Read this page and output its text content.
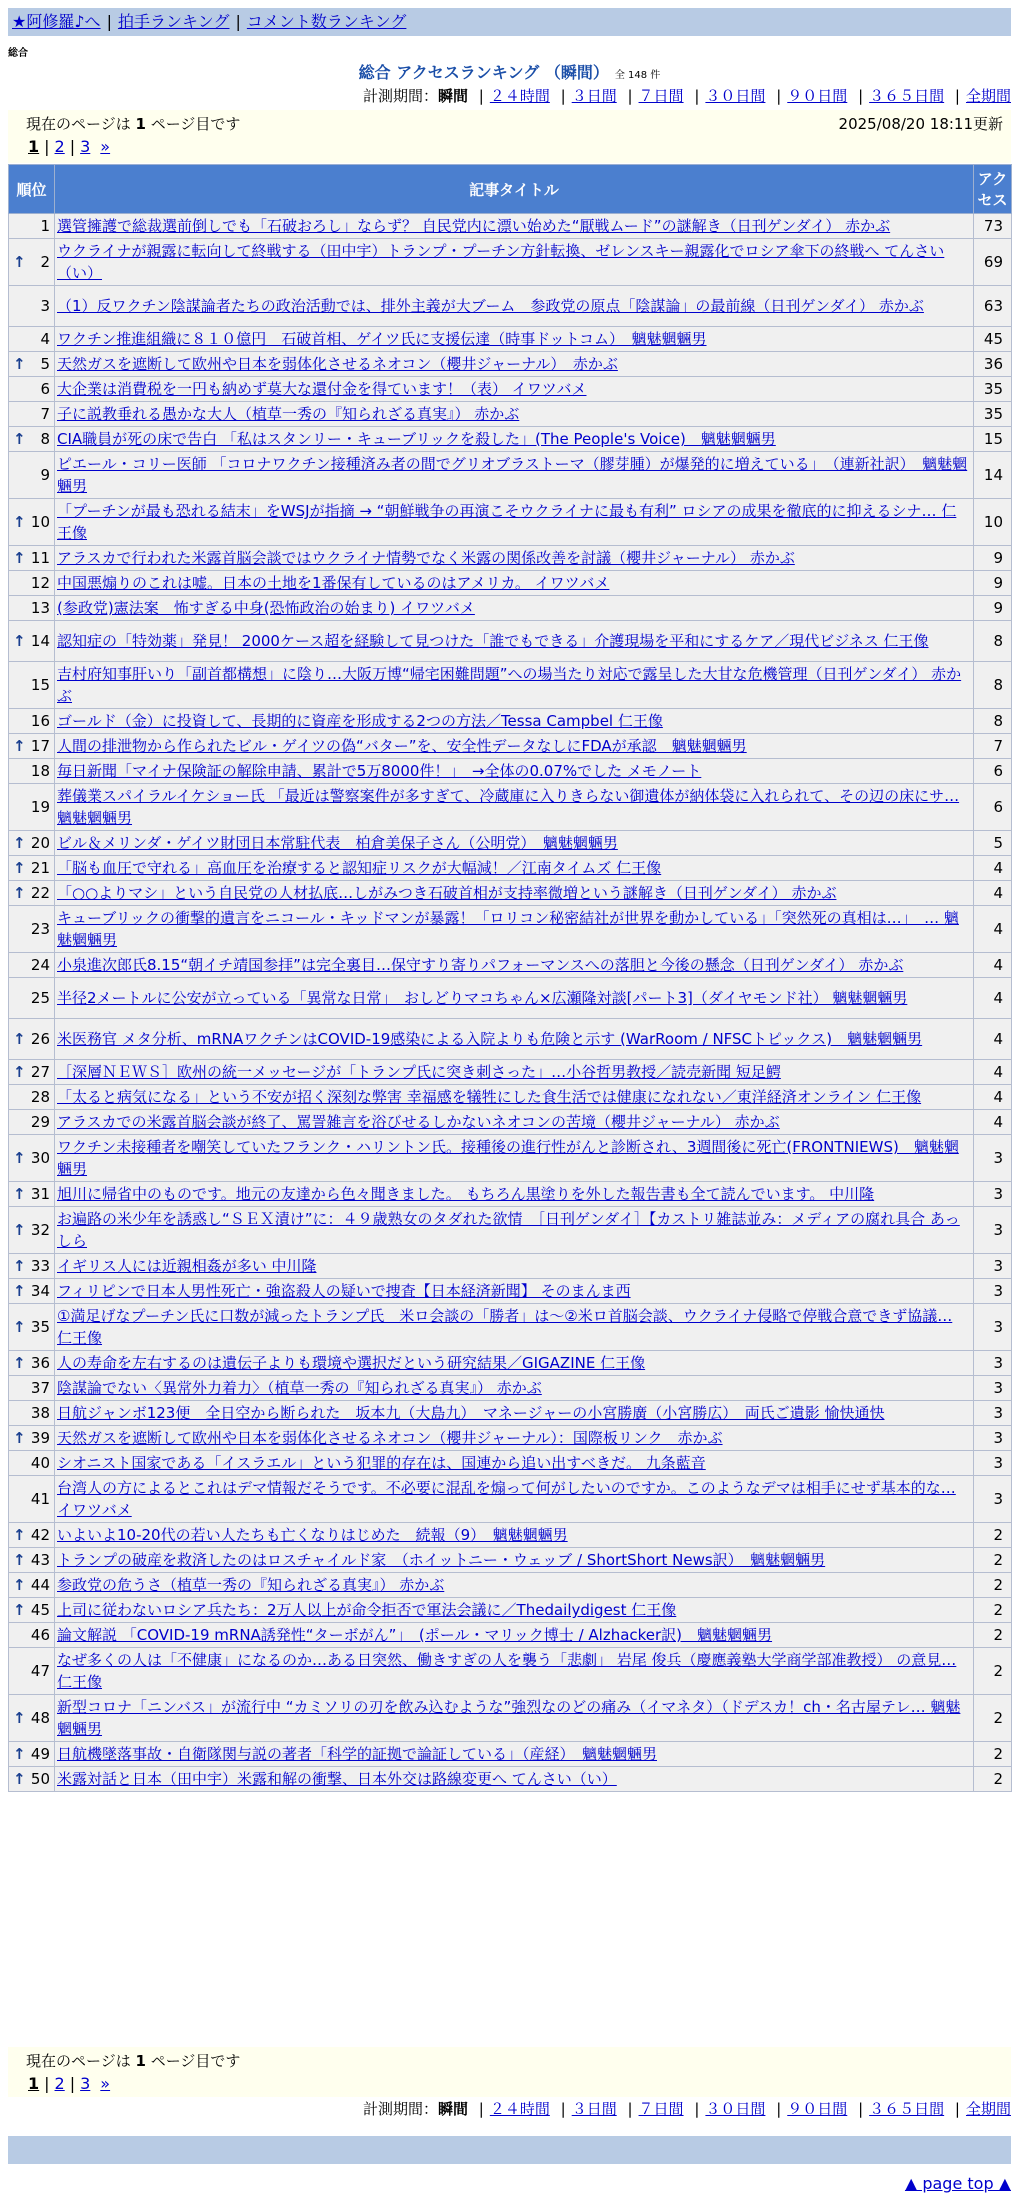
★阿修羅♪へ | 拍手ランキング | コメント数ランキング
総合
総合 アクセスランキング （瞬間） 全 148 件
計測期間：瞬間 | ２４時間 | ３日間 | ７日間 | ３０日間 | ９０日間 | ３６５日間 | 全期間
現在のページは 1 ページ目です	2025/08/20 18:11更新
1 | 2 | 3 »
順位	記事タイトル	アクセス
1	選管擁護で総裁選前倒しでも「石破おろし」ならず？ 自民党内に漂い始めた“厭戦ムード”の謎解き（日刊ゲンダイ） 赤かぶ	73

↑ 2	ウクライナが親露に転向して終戦する（田中宇）トランプ・プーチン方針転換、ゼレンスキー親露化でロシア傘下の終戦へ てんさい（い）	69
3	（1）反ワクチン陰謀論者たちの政治活動では、排外主義が大ブーム　参政党の原点「陰謀論」の最前線（日刊ゲンダイ） 赤かぶ	63
4	ワクチン推進組織に８１０億円　石破首相、ゲイツ氏に支援伝達（時事ドットコム）　魑魅魍魎男	45

↑ 5	天然ガスを遮断して欧州や日本を弱体化させるネオコン（櫻井ジャーナル）　赤かぶ	36
6	大企業は消費税を一円も納めず莫大な還付金を得ています！（表） イワツバメ	35
7	子に説教垂れる愚かな大人（植草一秀の『知られざる真実』） 赤かぶ	35

↑ 8	CIA職員が死の床で告白 「私はスタンリー・キューブリックを殺した」(The People's Voice)　魑魅魍魎男	15
9	ピエール・コリー医師 「コロナワクチン接種済み者の間でグリオブラストーマ（膠芽腫）が爆発的に増えている」　（連新社訳）　魑魅魍魎男	14

↑ 10	「プーチンが最も恐れる結末」をWSJが指摘 → “朝鮮戦争の再演こそウクライナに最も有利” ロシアの成果を徹底的に抑えるシナ… 仁王像	10

↑ 11	アラスカで行われた米露首脳会談ではウクライナ情勢でなく米露の関係改善を討議（櫻井ジャーナル） 赤かぶ	9
12	中国悪煽りのこれは嘘。日本の土地を1番保有しているのはアメリカ。 イワツバメ	9
13	(参政党)憲法案　怖すぎる中身(恐怖政治の始まり) イワツバメ	9

↑ 14	認知症の「特効薬」発見！ 2000ケース超を経験して見つけた「誰でもできる」介護現場を平和にするケア／現代ビジネス 仁王像	8
15	吉村府知事肝いり「副首都構想」に陰り…大阪万博“帰宅困難問題”への場当たり対応で露呈した大甘な危機管理（日刊ゲンダイ） 赤かぶ	8
16	ゴールド（金）に投資して、長期的に資産を形成する2つの方法／Tessa Campbel 仁王像	8

↑ 17	人間の排泄物から作られたビル・ゲイツの偽“バター”を、安全性データなしにFDAが承認　魑魅魍魎男	7
18	毎日新聞「マイナ保険証の解除申請、累計で5万8000件！」　→全体の0.07%でした メモノート	6
19	葬儀業スパイラルイケショー氏 「最近は警察案件が多すぎて、冷蔵庫に入りきらない御遺体が納体袋に入れられて、その辺の床にサ… 魑魅魍魎男	6

↑ 20	ビル＆メリンダ・ゲイツ財団日本常駐代表　柏倉美保子さん（公明党）　魑魅魍魎男	5

↑ 21	「脳も血圧で守れる」高血圧を治療すると認知症リスクが大幅減！／江南タイムズ 仁王像	4

↑ 22	「○○よりマシ」という自民党の人材払底…しがみつき石破首相が支持率微増という謎解き（日刊ゲンダイ） 赤かぶ	4
23	キューブリックの衝撃的遺言をニコール・キッドマンが暴露！「ロリコン秘密結社が世界を動かしている」「突然死の真相は…」　… 魑魅魍魎男	4
24	小泉進次郎氏8.15“朝イチ靖国参拝”は完全裏目…保守すり寄りパフォーマンスへの落胆と今後の懸念（日刊ゲンダイ） 赤かぶ	4
25	半径2メートルに公安が立っている「異常な日常」　おしどりマコちゃん×広瀬隆対談[パート3]（ダイヤモンド社） 魑魅魍魎男	4

↑ 26	米医務官 メタ分析、mRNAワクチンはCOVID-19感染による入院よりも危険と示す (WarRoom / NFSCトピックス)　魑魅魍魎男	4

↑ 27	［深層ＮＥＷＳ］欧州の統一メッセージが「トランプ氏に突き刺さった」…小谷哲男教授／読売新聞 短足鰐	4
28	「太ると病気になる」という不安が招く深刻な弊害 幸福感を犠牲にした食生活では健康になれない／東洋経済オンライン 仁王像	4
29	アラスカでの米露首脳会談が終了、罵詈雑言を浴びせるしかないネオコンの苦境（櫻井ジャーナル） 赤かぶ	4

↑ 30	ワクチン未接種者を嘲笑していたフランク・ハリントン氏。接種後の進行性がんと診断され、3週間後に死亡(FRONTNIEWS)　魑魅魍魎男	3

↑ 31	旭川に帰省中のものです。地元の友達から色々聞きました。 もちろん黒塗りを外した報告書も全て読んでいます。 中川隆	3

↑ 32	お遍路の米少年を誘惑し“ＳＥＸ漬け”に：４９歳熟女のタダれた欲情　［日刊ゲンダイ］【カストリ雑誌並み：メディアの腐れ具合 あっしら	3

↑ 33	イギリス人には近親相姦が多い 中川隆	3

↑ 34	フィリピンで日本人男性死亡・強盗殺人の疑いで捜査【日本経済新聞】 そのまんま西	3

↑ 35	①満足げなプーチン氏に口数が減ったトランプ氏　米ロ会談の「勝者」は～②米ロ首脳会談、ウクライナ侵略で停戦合意できず協議… 仁王像	3

↑ 36	人の寿命を左右するのは遺伝子よりも環境や選択だという研究結果／GIGAZINE 仁王像	3
37	陰謀論でない〈異常外力着力〉（植草一秀の『知られざる真実』） 赤かぶ	3
38	日航ジャンボ123便　全日空から断られた　坂本九（大島九）　マネージャーの小宮勝廣（小宮勝広）　両氏ご遺影 愉快通快	3

↑ 39	天然ガスを遮断して欧州や日本を弱体化させるネオコン（櫻井ジャーナル）：国際板リンク　赤かぶ	3
40	シオニスト国家である「イスラエル」という犯罪的存在は、国連から追い出すべきだ。 九条藍音	3
41	台湾人の方によるとこれはデマ情報だそうです。不必要に混乱を煽って何がしたいのですか。このようなデマは相手にせず基本的な… イワツバメ	3

↑ 42	いよいよ10-20代の若い人たちも亡くなりはじめた　続報（9）　魑魅魍魎男	2

↑ 43	トランプの破産を救済したのはロスチャイルド家　（ホイットニー・ウェッブ / ShortShort News訳）　魑魅魍魎男	2

↑ 44	参政党の危うさ（植草一秀の『知られざる真実』） 赤かぶ	2

↑ 45	上司に従わないロシア兵たち：2万人以上が命令拒否で軍法会議に／Thedailydigest 仁王像	2
46	論文解説 「COVID-19 mRNA誘発性“ターボがん”」　(ポール・マリック博士 / Alzhacker訳)　魑魅魍魎男	2
47	なぜ多くの人は「不健康」になるのか…ある日突然、働きすぎの人を襲う「悲劇」 岩尾 俊兵（慶應義塾大学商学部准教授） の意見… 仁王像	2

↑ 48	新型コロナ「ニンバス」が流行中 “カミソリの刃を飲み込むような”強烈なのどの痛み（イマネタ）（ドデスカ！ch・名古屋テレ… 魑魅魍魎男	2

↑ 49	日航機墜落事故・自衛隊関与説の著者「科学的証拠で論証している」（産経）　魑魅魍魎男	2

↑ 50	米露対話と日本（田中宇）米露和解の衝撃、日本外交は路線変更へ てんさい（い）	2
計測期間：瞬間 | ２４時間 | ３日間 | ７日間 | ３０日間 | ９０日間 | ３６５日間 | 全期間
現在のページは 1 ページ目です
1 | 2 | 3 »
▲ page top ▲
